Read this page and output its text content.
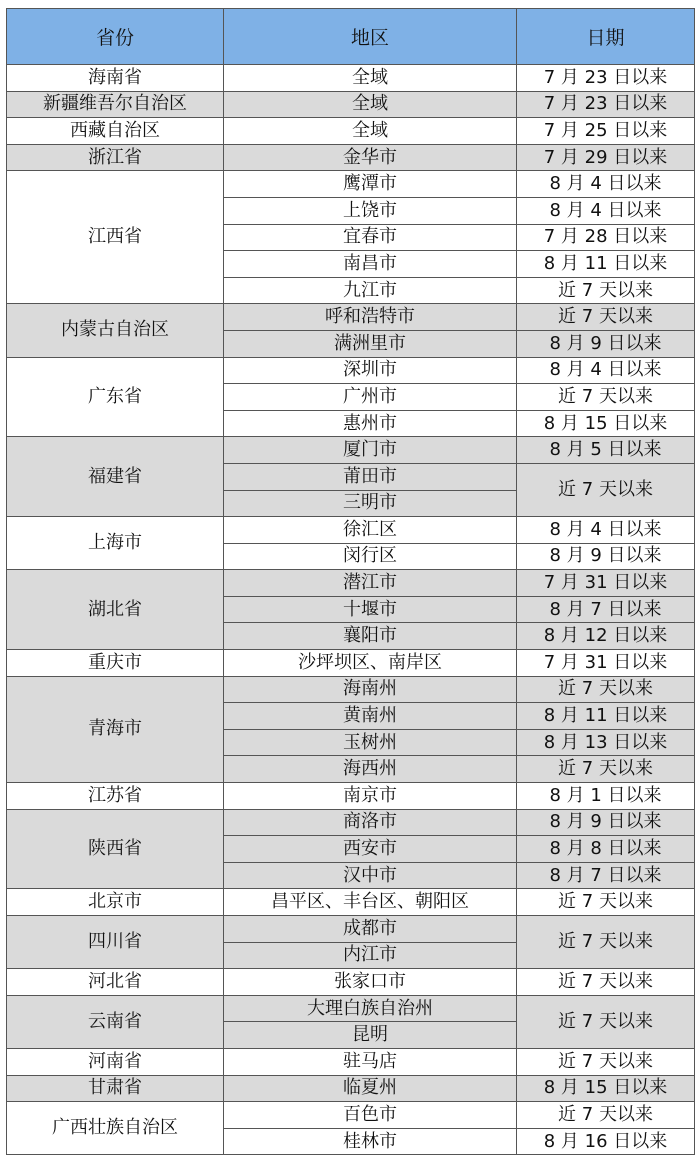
省份	地区	日期
海南省	全域	7 月 23 日以来
新疆维吾尔自治区	全域	7 月 23 日以来
西藏自治区	全域	7 月 25 日以来
浙江省	金华市	7 月 29 日以来
江西省	鹰潭市	8 月 4 日以来
	上饶市	8 月 4 日以来
	宜春市	7 月 28 日以来
	南昌市	8 月 11 日以来
	九江市	近 7 天以来
内蒙古自治区	呼和浩特市	近 7 天以来
	满洲里市	8 月 9 日以来
广东省	深圳市	8 月 4 日以来
	广州市	近 7 天以来
	惠州市	8 月 15 日以来
福建省	厦门市	8 月 5 日以来
	莆田市	近 7 天以来
	三明市	
上海市	徐汇区	8 月 4 日以来
	闵行区	8 月 9 日以来
湖北省	潜江市	7 月 31 日以来
	十堰市	8 月 7 日以来
	襄阳市	8 月 12 日以来
重庆市	沙坪坝区、南岸区	7 月 31 日以来
青海市	海南州	近 7 天以来
	黄南州	8 月 11 日以来
	玉树州	8 月 13 日以来
	海西州	近 7 天以来
江苏省	南京市	8 月 1 日以来
陕西省	商洛市	8 月 9 日以来
	西安市	8 月 8 日以来
	汉中市	8 月 7 日以来
北京市	昌平区、丰台区、朝阳区	近 7 天以来
四川省	成都市	近 7 天以来
	内江市	
河北省	张家口市	近 7 天以来
云南省	大理白族自治州	近 7 天以来
	昆明	
河南省	驻马店	近 7 天以来
甘肃省	临夏州	8 月 15 日以来
广西壮族自治区	百色市	近 7 天以来
	桂林市	8 月 16 日以来
